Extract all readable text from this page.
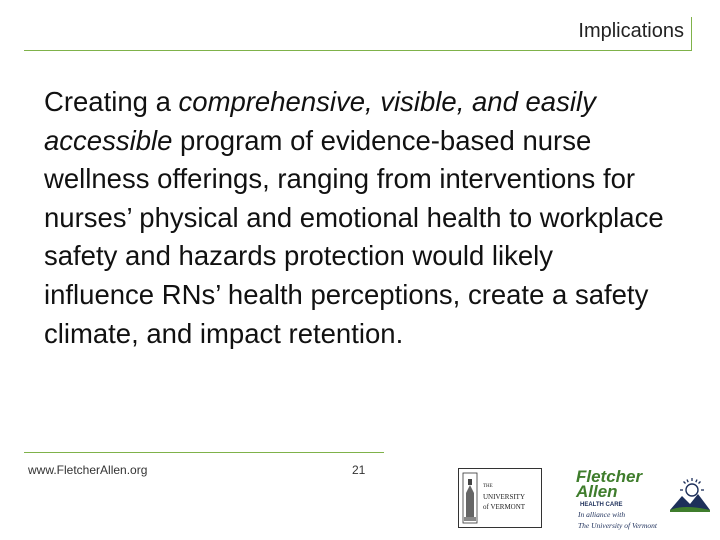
Implications
Creating a comprehensive, visible, and easily accessible program of evidence-based nurse wellness offerings, ranging from interventions for nurses’ physical and emotional health to workplace safety and hazards protection would likely influence RNs’ health perceptions, create a safety climate, and impact retention.
www.FletcherAllen.org	21
THE
UNIVERSITY
of VERMONT
Fletcher
Allen
HEALTH CARE
In alliance with
The University of Vermont
